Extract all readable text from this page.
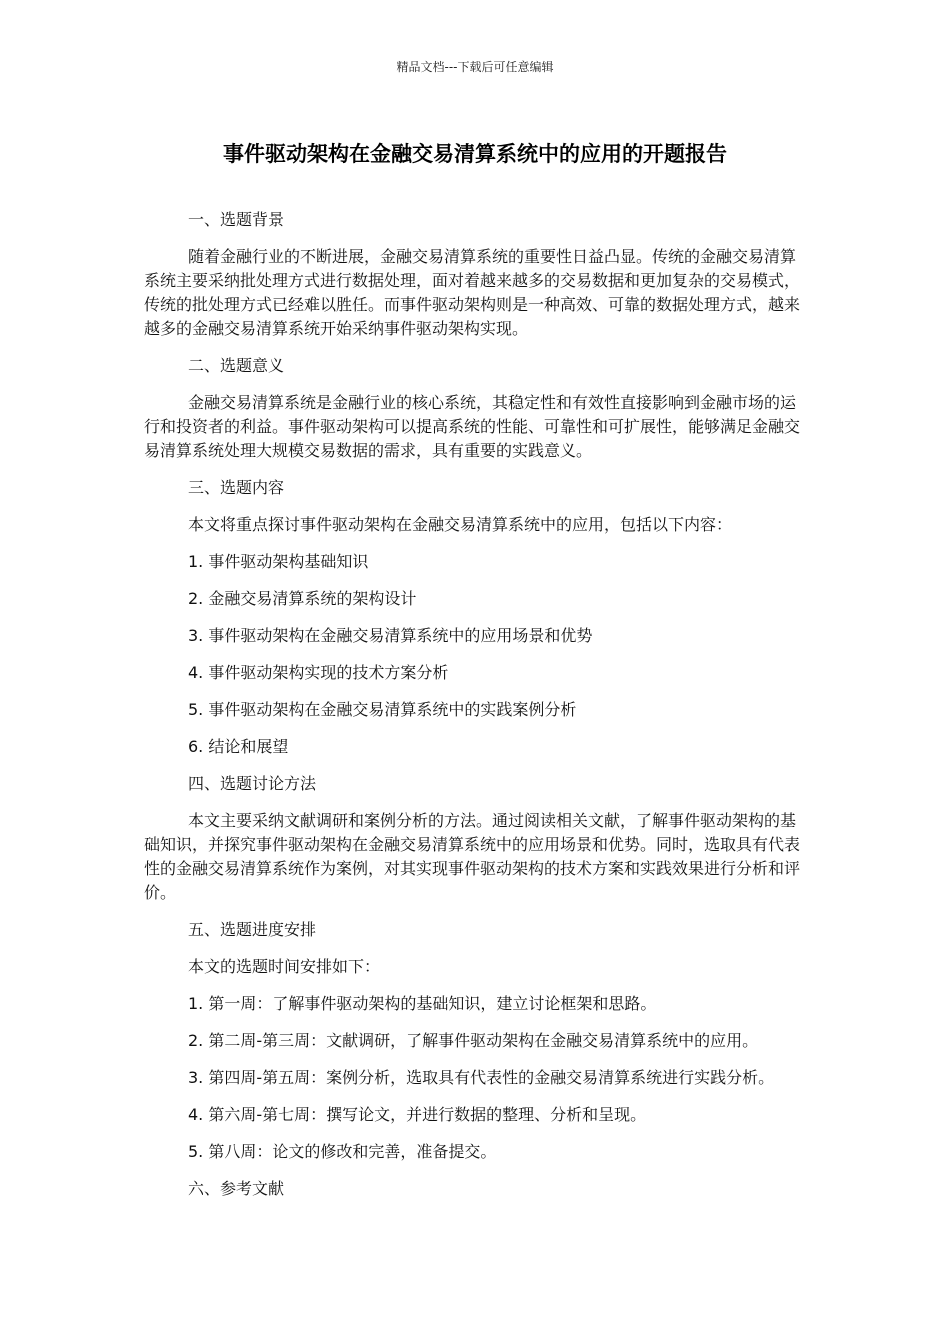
精品文档---下载后可任意编辑
事件驱动架构在金融交易清算系统中的应用的开题报告

一、选题背景

随着金融行业的不断进展，金融交易清算系统的重要性日益凸显。传统的金融交易清算系统主要采纳批处理方式进行数据处理，面对着越来越多的交易数据和更加复杂的交易模式，传统的批处理方式已经难以胜任。而事件驱动架构则是一种高效、可靠的数据处理方式，越来越多的金融交易清算系统开始采纳事件驱动架构实现。

二、选题意义

金融交易清算系统是金融行业的核心系统，其稳定性和有效性直接影响到金融市场的运行和投资者的利益。事件驱动架构可以提高系统的性能、可靠性和可扩展性，能够满足金融交易清算系统处理大规模交易数据的需求，具有重要的实践意义。

三、选题内容

本文将重点探讨事件驱动架构在金融交易清算系统中的应用，包括以下内容：

1. 事件驱动架构基础知识

2. 金融交易清算系统的架构设计

3. 事件驱动架构在金融交易清算系统中的应用场景和优势

4. 事件驱动架构实现的技术方案分析

5. 事件驱动架构在金融交易清算系统中的实践案例分析

6. 结论和展望

四、选题讨论方法

本文主要采纳文献调研和案例分析的方法。通过阅读相关文献，了解事件驱动架构的基础知识，并探究事件驱动架构在金融交易清算系统中的应用场景和优势。同时，选取具有代表性的金融交易清算系统作为案例，对其实现事件驱动架构的技术方案和实践效果进行分析和评价。

五、选题进度安排

本文的选题时间安排如下：

1. 第一周：了解事件驱动架构的基础知识，建立讨论框架和思路。

2. 第二周-第三周：文献调研，了解事件驱动架构在金融交易清算系统中的应用。

3. 第四周-第五周：案例分析，选取具有代表性的金融交易清算系统进行实践分析。

4. 第六周-第七周：撰写论文，并进行数据的整理、分析和呈现。

5. 第八周：论文的修改和完善，准备提交。

六、参考文献
